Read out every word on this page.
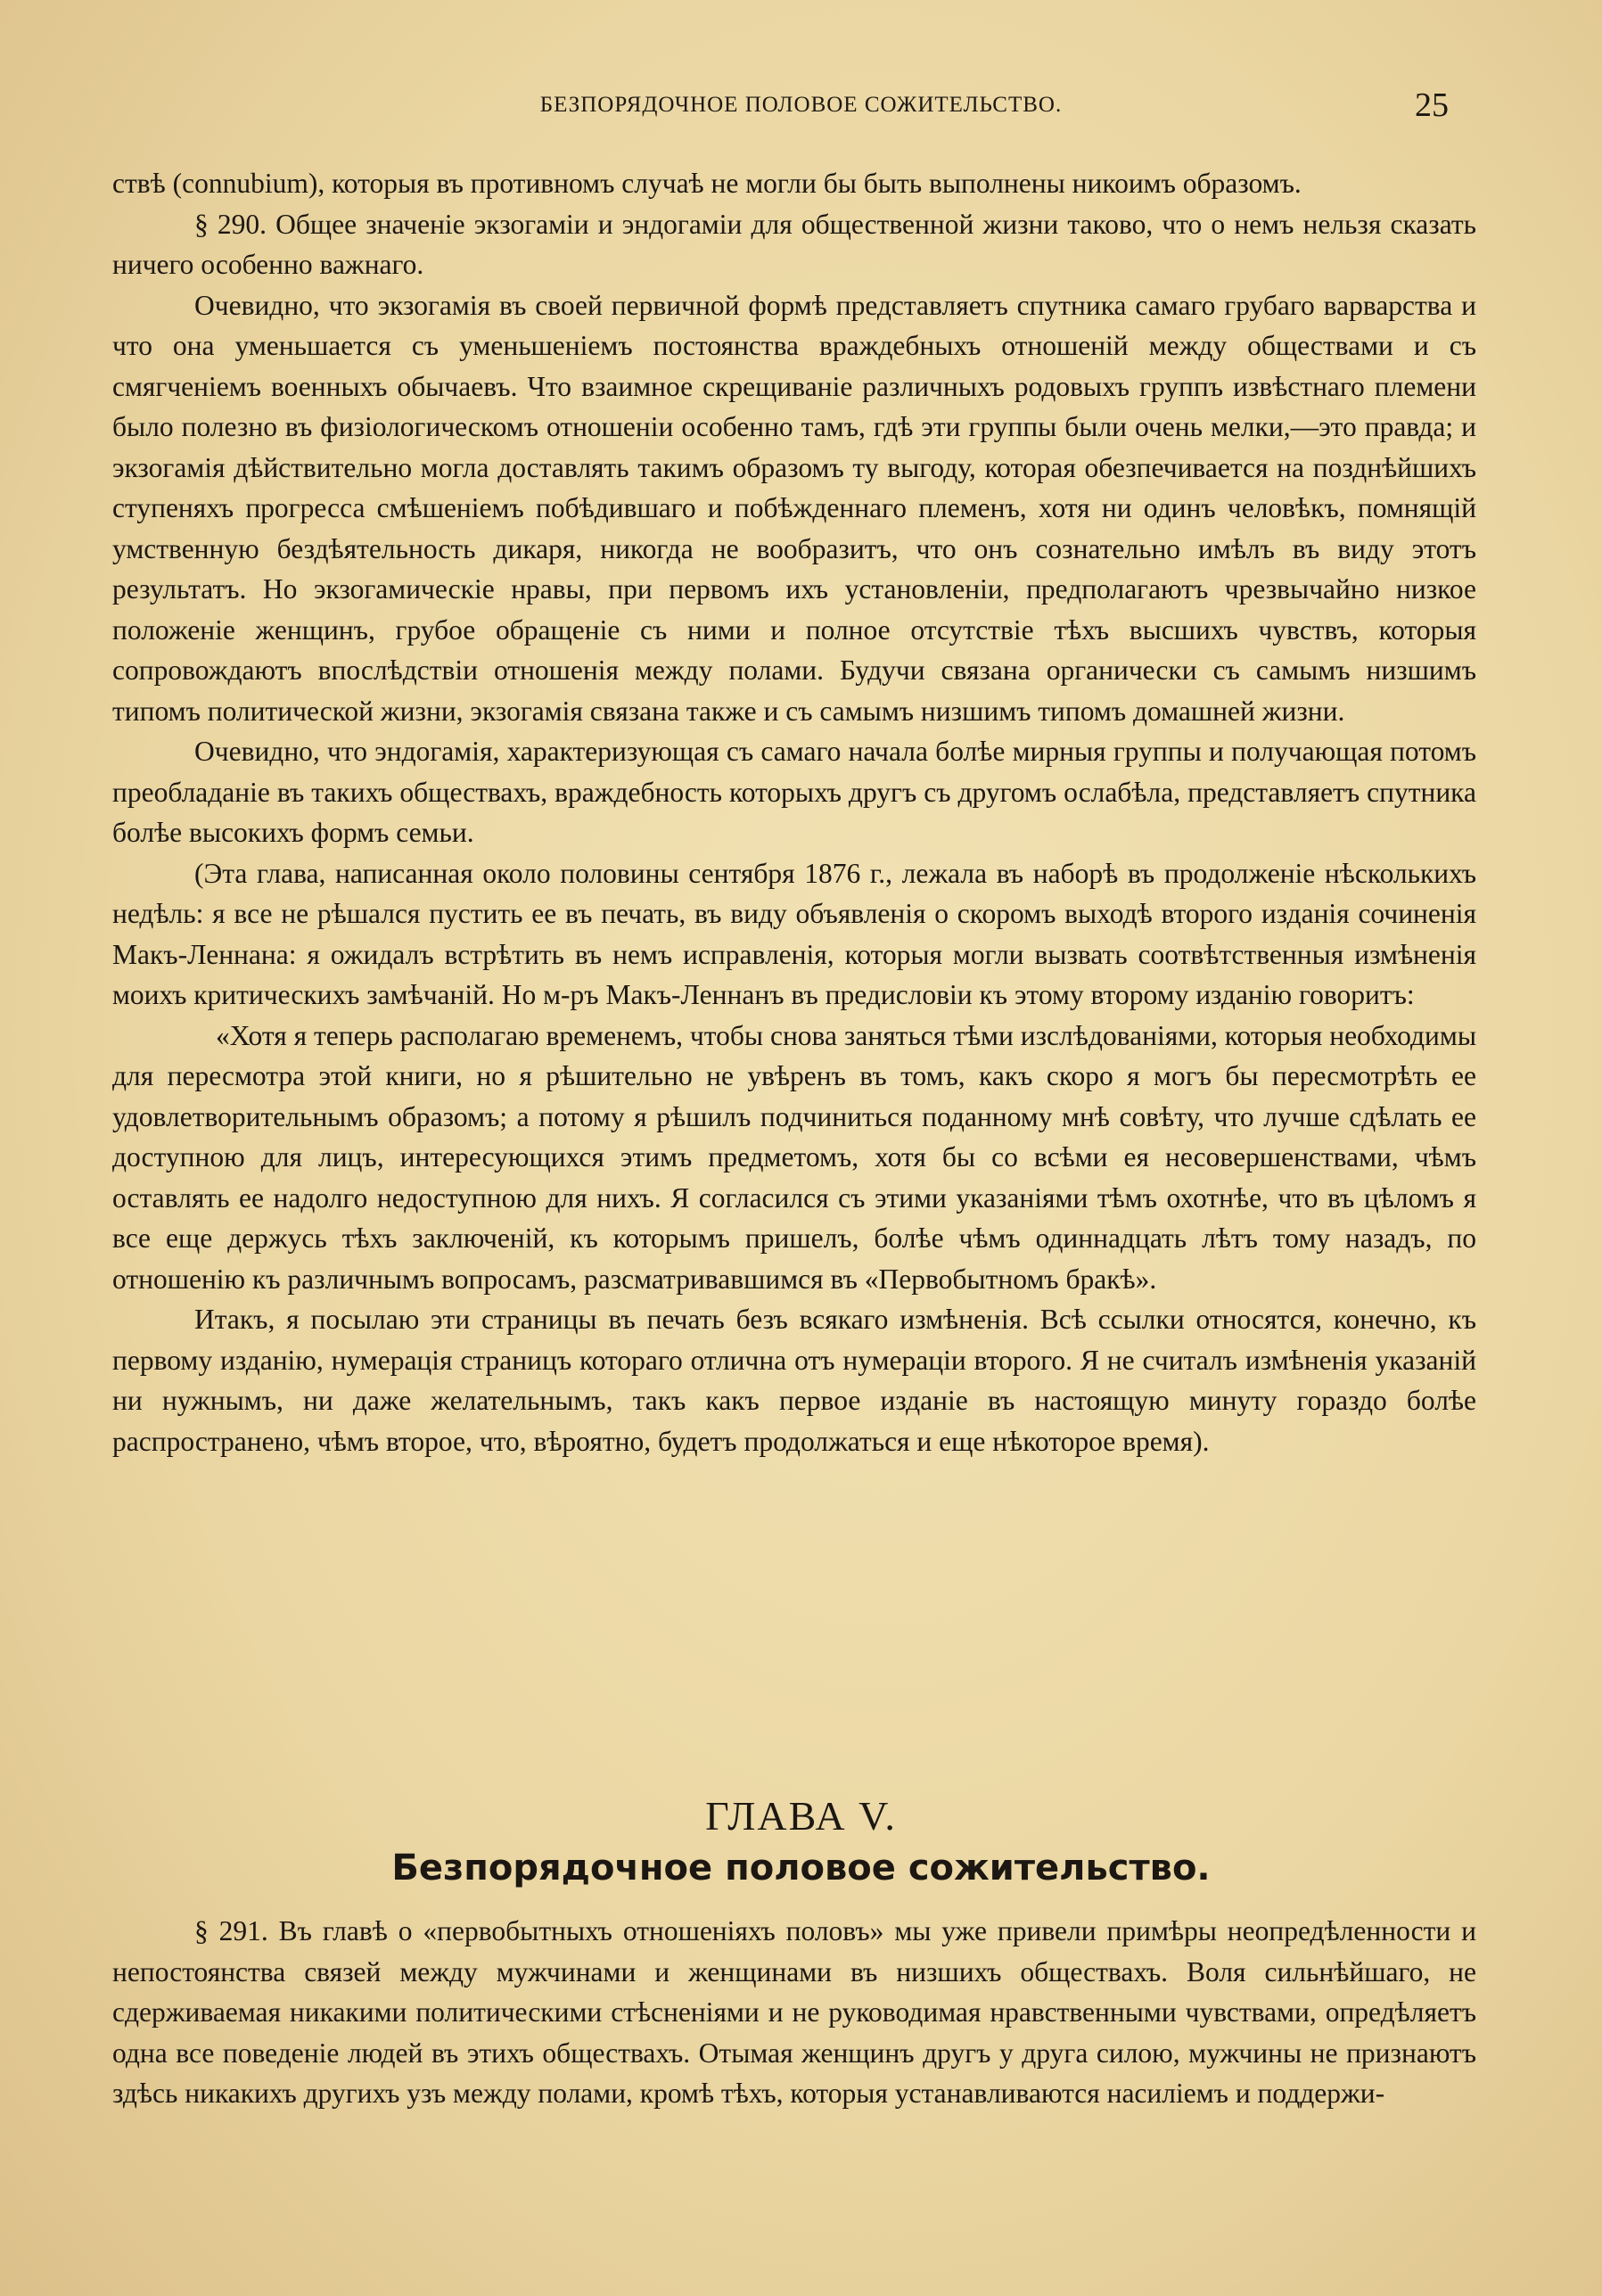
БЕЗПОРЯДОЧНОЕ ПОЛОВОЕ СОЖИТЕЛЬСТВО.	25

ствѣ (connubium), которыя въ противномъ случаѣ не могли бы быть выполнены никоимъ образомъ.

§ 290. Общее значеніе экзогаміи и эндогаміи для общественной жизни таково, что о немъ нельзя сказать ничего особенно важнаго.

Очевидно, что экзогамія въ своей первичной формѣ представляетъ спутника самаго грубаго варварства и что она уменьшается съ уменьшеніемъ постоянства враждебныхъ отношеній между обществами и съ смягченіемъ военныхъ обычаевъ. Что взаимное скрещиваніе различныхъ родовыхъ группъ извѣстнаго племени было полезно въ физіологическомъ отношеніи особенно тамъ, гдѣ эти группы были очень мелки,—это правда; и экзогамія дѣйствительно могла доставлять такимъ образомъ ту выгоду, которая обезпечивается на позднѣйшихъ ступеняхъ прогресса смѣшеніемъ побѣдившаго и побѣжденнаго племенъ, хотя ни одинъ человѣкъ, помнящій умственную бездѣятельность дикаря, никогда не вообразитъ, что онъ сознательно имѣлъ въ виду этотъ результатъ. Но экзогамическіе нравы, при первомъ ихъ установленіи, предполагаютъ чрезвычайно низкое положеніе женщинъ, грубое обращеніе съ ними и полное отсутствіе тѣхъ высшихъ чувствъ, которыя сопровождаютъ впослѣдствіи отношенія между полами. Будучи связана органически съ самымъ низшимъ типомъ политической жизни, экзогамія связана также и съ самымъ низшимъ типомъ домашней жизни.

Очевидно, что эндогамія, характеризующая съ самаго начала болѣе мирныя группы и получающая потомъ преобладаніе въ такихъ обществахъ, враждебность которыхъ другъ съ другомъ ослабѣла, представляетъ спутника болѣе высокихъ формъ семьи.

(Эта глава, написанная около половины сентября 1876 г., лежала въ наборѣ въ продолженіе нѣсколькихъ недѣль: я все не рѣшался пустить ее въ печать, въ виду объявленія о скоромъ выходѣ второго изданія сочиненія Макъ-Леннана: я ожидалъ встрѣтить въ немъ исправленія, которыя могли вызвать соотвѣтственныя измѣненія моихъ критическихъ замѣчаній. Но м-ръ Макъ-Леннанъ въ предисловіи къ этому второму изданію говоритъ:

«Хотя я теперь располагаю временемъ, чтобы снова заняться тѣми изслѣдованіями, которыя необходимы для пересмотра этой книги, но я рѣшительно не увѣренъ въ томъ, какъ скоро я могъ бы пересмотрѣть ее удовлетворительнымъ образомъ; а потому я рѣшилъ подчиниться поданному мнѣ совѣту, что лучше сдѣлать ее доступною для лицъ, интересующихся этимъ предметомъ, хотя бы со всѣми ея несовершенствами, чѣмъ оставлять ее надолго недоступною для нихъ. Я согласился съ этими указаніями тѣмъ охотнѣе, что въ цѣломъ я все еще держусь тѣхъ заключеній, къ которымъ пришелъ, болѣе чѣмъ одиннадцать лѣтъ тому назадъ, по отношенію къ различнымъ вопросамъ, разсматривавшимся въ «Первобытномъ бракѣ».

Итакъ, я посылаю эти страницы въ печать безъ всякаго измѣненія. Всѣ ссылки относятся, конечно, къ первому изданію, нумерація страницъ котораго отлична отъ нумераціи второго. Я не считалъ измѣненія указаній ни нужнымъ, ни даже желательнымъ, такъ какъ первое изданіе въ настоящую минуту гораздо болѣе распространено, чѣмъ второе, что, вѣроятно, будетъ продолжаться и еще нѣкоторое время).

ГЛАВА V.
Безпорядочное половое сожительство.

§ 291. Въ главѣ о «первобытныхъ отношеніяхъ половъ» мы уже привели примѣры неопредѣленности и непостоянства связей между мужчинами и женщинами въ низшихъ обществахъ. Воля сильнѣйшаго, не сдерживаемая никакими политическими стѣсненіями и не руководимая нравственными чувствами, опредѣляетъ одна все поведеніе людей въ этихъ обществахъ. Отымая женщинъ другъ у друга силою, мужчины не признаютъ здѣсь никакихъ другихъ узъ между полами, кромѣ тѣхъ, которыя устанавливаются насиліемъ и поддержи-
